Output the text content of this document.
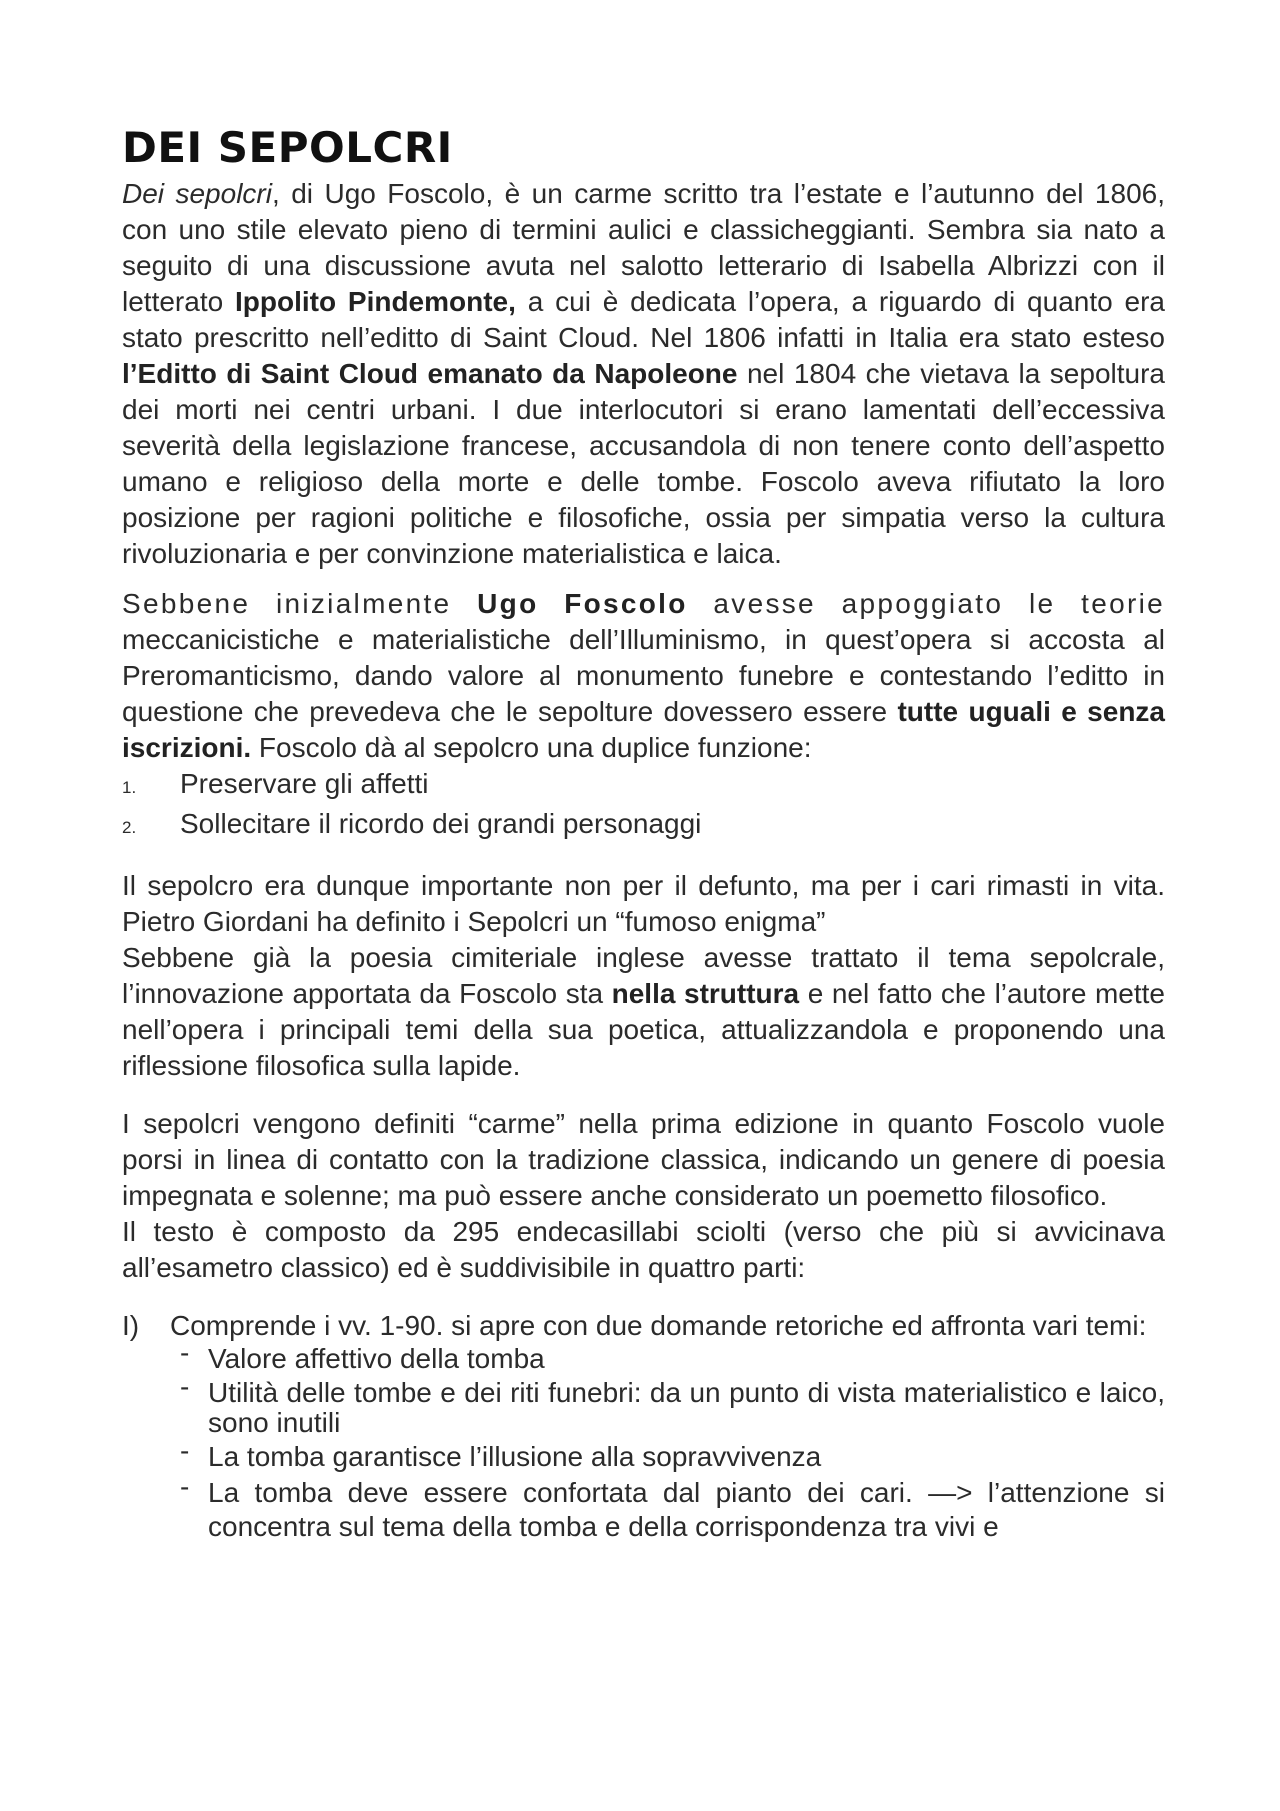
DEI SEPOLCRI

Dei sepolcri, di Ugo Foscolo, è un carme scritto tra l’estate e l’autunno del 1806, con uno stile elevato pieno di termini aulici e classicheggianti. Sembra sia nato a seguito di una discussione avuta nel salotto letterario di Isabella Albrizzi con il letterato Ippolito Pindemonte, a cui è dedicata l’opera, a riguardo di quanto era stato prescritto nell’editto di Saint Cloud. Nel 1806 infatti in Italia era stato esteso l’Editto di Saint Cloud emanato da Napoleone nel 1804 che vietava la sepoltura dei morti nei centri urbani. I due interlocutori si erano lamentati dell’eccessiva severità della legislazione francese, accusandola di non tenere conto dell’aspetto umano e religioso della morte e delle tombe. Foscolo aveva rifiutato la loro posizione per ragioni politiche e filosofiche, ossia per simpatia verso la cultura rivoluzionaria e per convinzione materialistica e laica.

Sebbene inizialmente Ugo Foscolo avesse appoggiato le teorie meccanicistiche e materialistiche dell’Illuminismo, in quest’opera si accosta al Preromanticismo, dando valore al monumento funebre e contestando l’editto in questione che prevedeva che le sepolture dovessero essere tutte uguali e senza iscrizioni. Foscolo dà al sepolcro una duplice funzione:

1.	Preservare gli affetti
2.	Sollecitare il ricordo dei grandi personaggi

Il sepolcro era dunque importante non per il defunto, ma per i cari rimasti in vita. Pietro Giordani ha definito i Sepolcri un “fumoso enigma”

Sebbene già la poesia cimiteriale inglese avesse trattato il tema sepolcrale, l’innovazione apportata da Foscolo sta nella struttura e nel fatto che l’autore mette nell’opera i principali temi della sua poetica, attualizzandola e proponendo una riflessione filosofica sulla lapide.

I sepolcri vengono definiti “carme” nella prima edizione in quanto Foscolo vuole porsi in linea di contatto con la tradizione classica, indicando un genere di poesia impegnata e solenne; ma può essere anche considerato un poemetto filosofico.

Il testo è composto da 295 endecasillabi sciolti (verso che più si avvicinava all’esametro classico) ed è suddivisibile in quattro parti:

I)	Comprende i vv. 1-90. si apre con due domande retoriche ed affronta vari temi:
- Valore affettivo della tomba
- Utilità delle tombe e dei riti funebri: da un punto di vista materialistico e laico, sono inutili
- La tomba garantisce l’illusione alla sopravvivenza
- La tomba deve essere confortata dal pianto dei cari. —> l’attenzione si concentra sul tema della tomba e della corrispondenza tra vivi e
